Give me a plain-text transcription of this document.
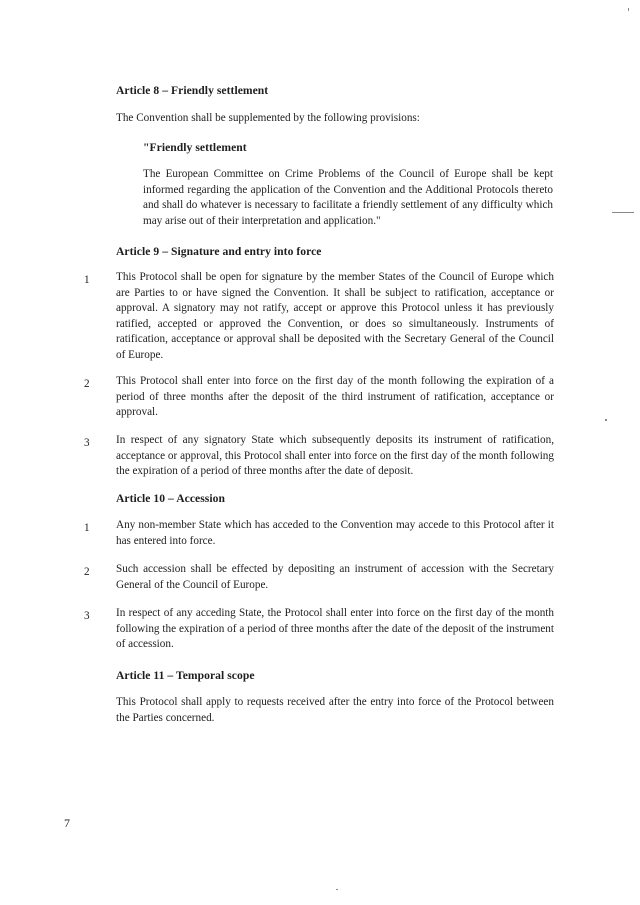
Article 8 – Friendly settlement

The Convention shall be supplemented by the following provisions:

"Friendly settlement

The European Committee on Crime Problems of the Council of Europe shall be kept informed regarding the application of the Convention and the Additional Protocols thereto and shall do whatever is necessary to facilitate a friendly settlement of any difficulty which may arise out of their interpretation and application."

Article 9 – Signature and entry into force
1 This Protocol shall be open for signature by the member States of the Council of Europe which are Parties to or have signed the Convention. It shall be subject to ratification, acceptance or approval. A signatory may not ratify, accept or approve this Protocol unless it has previously ratified, accepted or approved the Convention, or does so simultaneously. Instruments of ratification, acceptance or approval shall be deposited with the Secretary General of the Council of Europe.

2 This Protocol shall enter into force on the first day of the month following the expiration of a period of three months after the deposit of the third instrument of ratification, acceptance or approval.

3 In respect of any signatory State which subsequently deposits its instrument of ratification, acceptance or approval, this Protocol shall enter into force on the first day of the month following the expiration of a period of three months after the date of deposit.

Article 10 – Accession
1 Any non-member State which has acceded to the Convention may accede to this Protocol after it has entered into force.

2 Such accession shall be effected by depositing an instrument of accession with the Secretary General of the Council of Europe.

3 In respect of any acceding State, the Protocol shall enter into force on the first day of the month following the expiration of a period of three months after the date of the deposit of the instrument of accession.

Article 11 – Temporal scope

This Protocol shall apply to requests received after the entry into force of the Protocol between the Parties concerned.

7
